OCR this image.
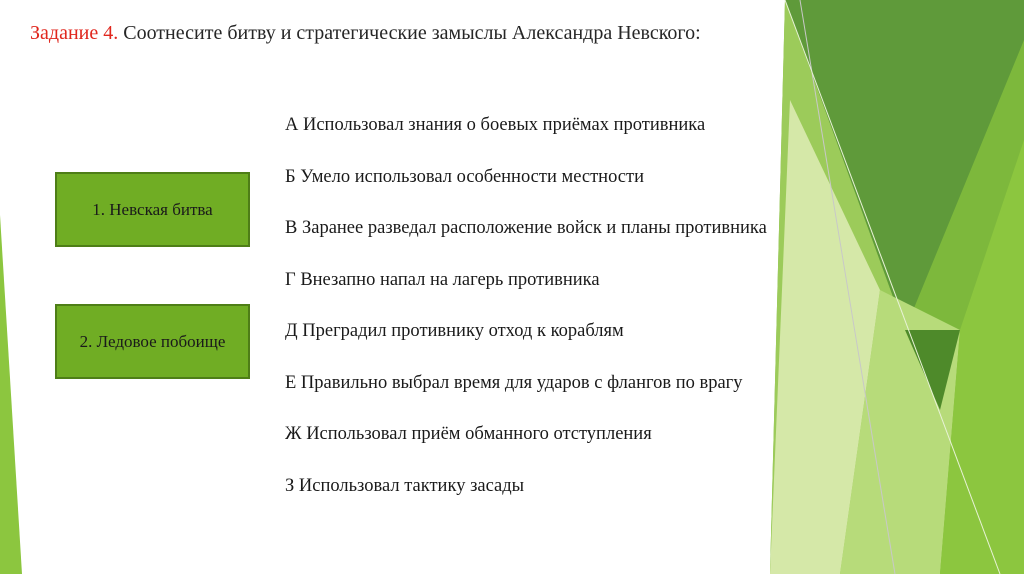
Задание 4. Соотнесите битву и стратегические замыслы Александра Невского:
1. Невская битва
2. Ледовое побоище
А Использовал знания о боевых приёмах противника
Б Умело использовал особенности местности
В Заранее разведал расположение войск и планы противника
Г Внезапно напал на лагерь противника
Д Преградил противнику отход к кораблям
Е Правильно выбрал время для ударов с флангов по врагу
Ж Использовал приём обманного отступления
З Использовал тактику засады
